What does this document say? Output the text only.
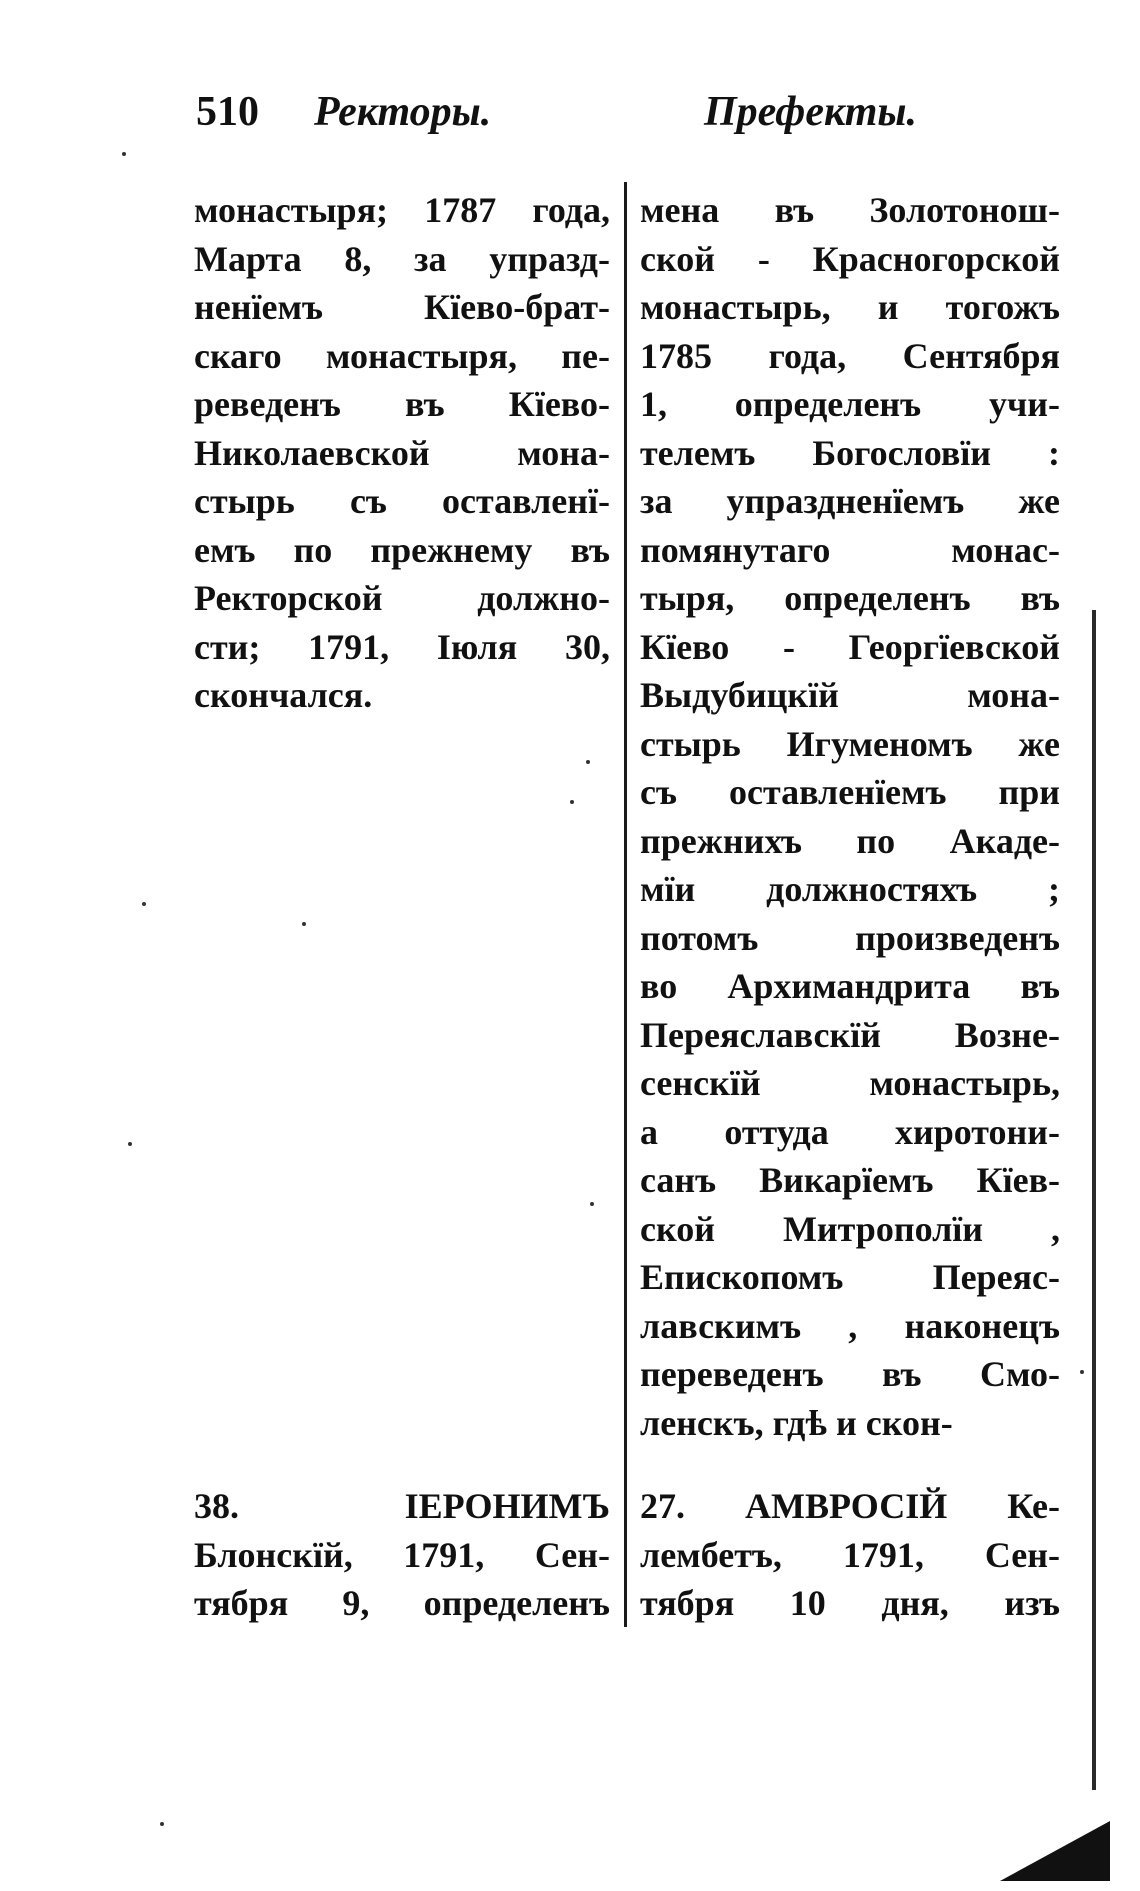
510 Ректоры.	Префекты.
монастыря; 1787 года,
Марта 8, за упразд-
ненїемъ Кїево-брат-
скаго монастыря, пе-
реведенъ въ Кїево-
Николаевской мона-
стырь съ оставленї-
емъ по прежнему въ
Ректорской должно-
сти; 1791, Іюля 30,
скончался.
мена въ Золотонош-
ской - Красногорской
монастырь, и тогожъ
1785 года, Сентября
1, определенъ учи-
телемъ Богословїи :
за упраздненїемъ же
помянутаго монас-
тыря, определенъ въ
Кїево - Георгїевской
Выдубицкїй мона-
стырь Игуменомъ же
съ оставленїемъ при
прежнихъ по Акаде-
мїи должностяхъ ;
потомъ произведенъ
во Архимандрита въ
Переяславскїй Возне-
сенскїй монастырь,
а оттуда хиротони-
санъ Викарїемъ Кїев-
ской Митрополїи ,
Епископомъ Переяс-
лавскимъ , наконецъ
переведенъ въ Смо-
ленскъ, гдѣ и скон-
38. ІЕРОНИМЪ
Блонскїй, 1791, Сен-
тября 9, определенъ
27. АМВРОСІЙ Ке-
лембетъ, 1791, Сен-
тября 10 дня, изъ
